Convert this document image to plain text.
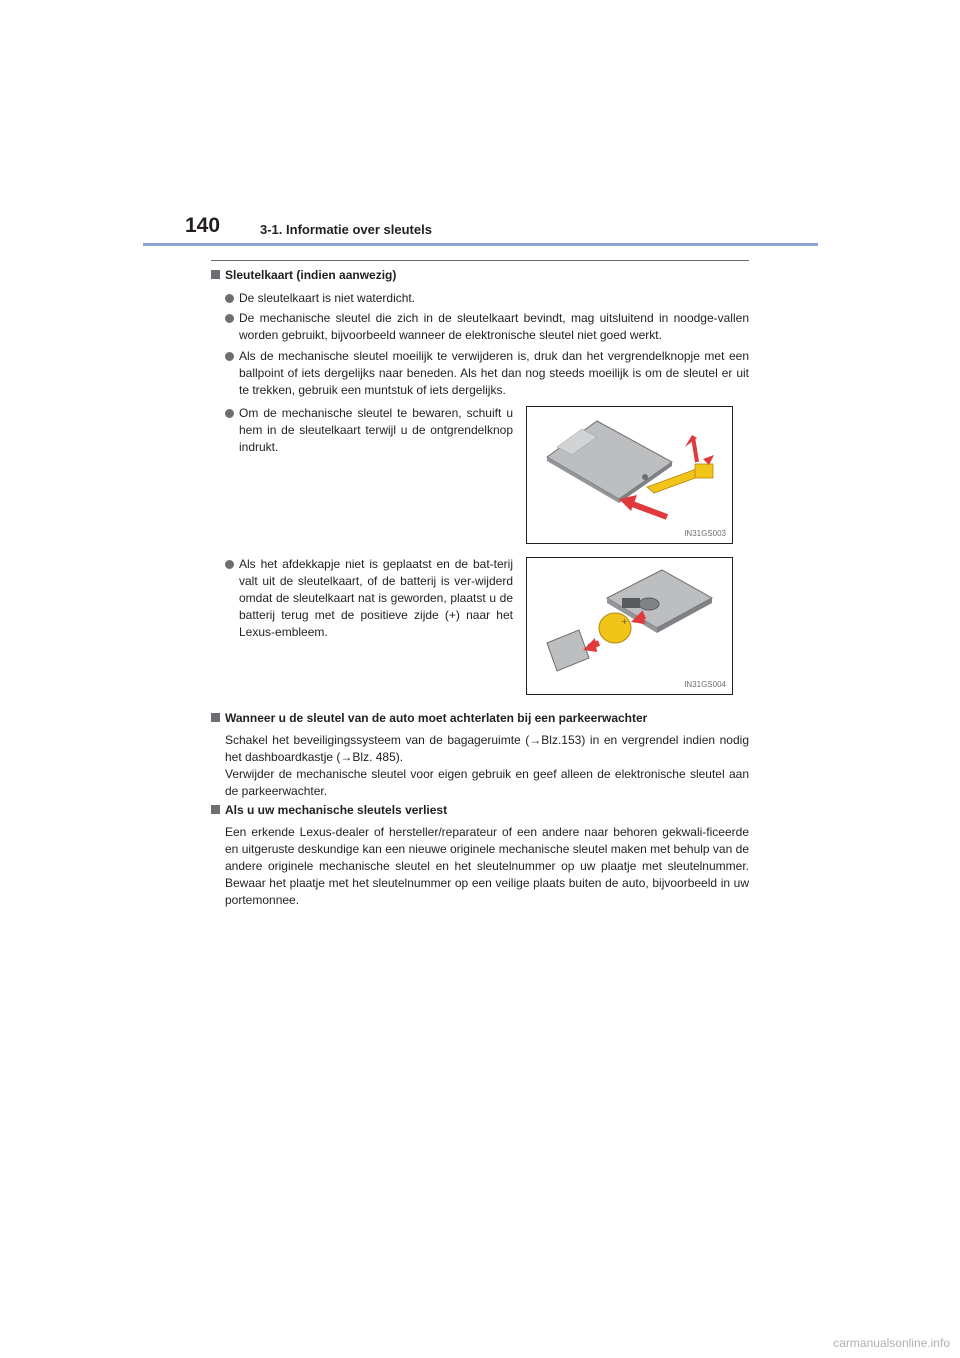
140	3-1. Informatie over sleutels
Sleutelkaart (indien aanwezig)
De sleutelkaart is niet waterdicht.
De mechanische sleutel die zich in de sleutelkaart bevindt, mag uitsluitend in noodge-vallen worden gebruikt, bijvoorbeeld wanneer de elektronische sleutel niet goed werkt.
Als de mechanische sleutel moeilijk te verwijderen is, druk dan het vergrendelknopje met een ballpoint of iets dergelijks naar beneden. Als het dan nog steeds moeilijk is om de sleutel er uit te trekken, gebruik een muntstuk of iets dergelijks.
Om de mechanische sleutel te bewaren, schuift u hem in de sleutelkaart terwijl u de ontgrendelknop indrukt.
IN31GS003
Als het afdekkapje niet is geplaatst en de bat-terij valt uit de sleutelkaart, of de batterij is ver-wijderd omdat de sleutelkaart nat is geworden, plaatst u de batterij terug met de positieve zijde (+) naar het Lexus-embleem.
+
IN31GS004
Wanneer u de sleutel van de auto moet achterlaten bij een parkeerwachter
Schakel het beveiligingssysteem van de bagageruimte (→Blz.153) in en vergrendel indien nodig het dashboardkastje (→Blz. 485).
Verwijder de mechanische sleutel voor eigen gebruik en geef alleen de elektronische sleutel aan de parkeerwachter.
Als u uw mechanische sleutels verliest
Een erkende Lexus-dealer of hersteller/reparateur of een andere naar behoren gekwali-ficeerde en uitgeruste deskundige kan een nieuwe originele mechanische sleutel maken met behulp van de andere originele mechanische sleutel en het sleutelnummer op uw plaatje met sleutelnummer. Bewaar het plaatje met het sleutelnummer op een veilige plaats buiten de auto, bijvoorbeeld in uw portemonnee.
carmanualsonline.info
